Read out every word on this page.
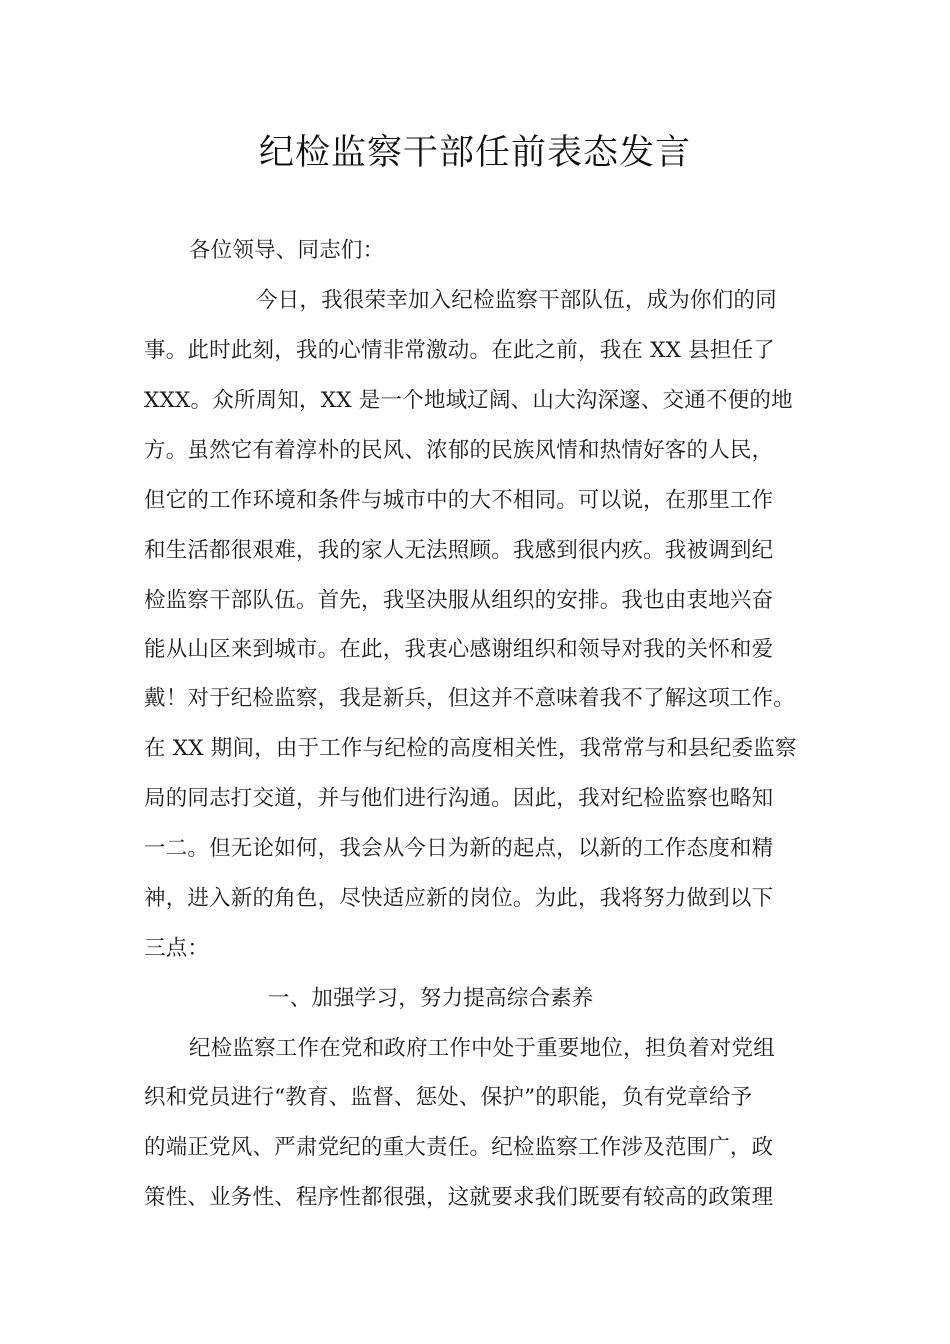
纪检监察干部任前表态发言
各位领导、同志们：
今日，我很荣幸加入纪检监察干部队伍，成为你们的同
事。此时此刻，我的心情非常激动。在此之前，我在 XX 县担任了
XXX。众所周知，XX 是一个地域辽阔、山大沟深邃、交通不便的地
方。虽然它有着淳朴的民风、浓郁的民族风情和热情好客的人民，
但它的工作环境和条件与城市中的大不相同。可以说，在那里工作
和生活都很艰难，我的家人无法照顾。我感到很内疚。我被调到纪
检监察干部队伍。首先，我坚决服从组织的安排。我也由衷地兴奋
能从山区来到城市。在此，我衷心感谢组织和领导对我的关怀和爱
戴！对于纪检监察，我是新兵，但这并不意味着我不了解这项工作。
在 XX 期间，由于工作与纪检的高度相关性，我常常与和县纪委监察
局的同志打交道，并与他们进行沟通。因此，我对纪检监察也略知
一二。但无论如何，我会从今日为新的起点，以新的工作态度和精
神，进入新的角色，尽快适应新的岗位。为此，我将努力做到以下
三点：
一、加强学习，努力提高综合素养
纪检监察工作在党和政府工作中处于重要地位，担负着对党组
织和党员进行“教育、监督、惩处、保护”的职能，负有党章给予
的端正党风、严肃党纪的重大责任。纪检监察工作涉及范围广，政
策性、业务性、程序性都很强，这就要求我们既要有较高的政策理
